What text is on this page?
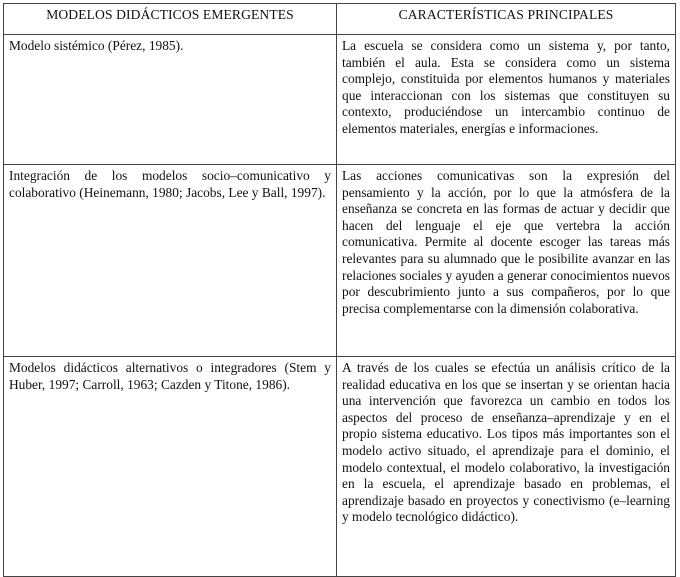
MODELOS DIDÁCTICOS EMERGENTES	CARACTERÍSTICAS PRINCIPALES
Modelo sistémico (Pérez, 1985).	La escuela se considera como un sistema y, por tanto, también el aula. Esta se considera como un sistema complejo, constituida por elementos humanos y materiales que interaccionan con los sistemas que constituyen su contexto, produciéndose un intercambio continuo de elementos materiales, energías e informaciones.
Integración de los modelos socio–comunicativo y colaborativo (Heinemann, 1980; Jacobs, Lee y Ball, 1997).	Las acciones comunicativas son la expresión del pensamiento y la acción, por lo que la atmósfera de la enseñanza se concreta en las formas de actuar y decidir que hacen del lenguaje el eje que vertebra la acción comunicativa. Permite al docente escoger las tareas más relevantes para su alumnado que le posibilite avanzar en las relaciones sociales y ayuden a generar conocimientos nuevos por descubrimiento junto a sus compañeros, por lo que precisa complementarse con la dimensión colaborativa.
Modelos didácticos alternativos o integradores (Stem y Huber, 1997; Carroll, 1963; Cazden y Titone, 1986).	A través de los cuales se efectúa un análisis crítico de la realidad educativa en los que se insertan y se orientan hacia una intervención que favorezca un cambio en todos los aspectos del proceso de enseñanza–aprendizaje y en el propio sistema educativo. Los tipos más importantes son el modelo activo situado, el aprendizaje para el dominio, el modelo contextual, el modelo colaborativo, la investigación en la escuela, el aprendizaje basado en problemas, el aprendizaje basado en proyectos y conectivismo (e–learning y modelo tecnológico didáctico).
